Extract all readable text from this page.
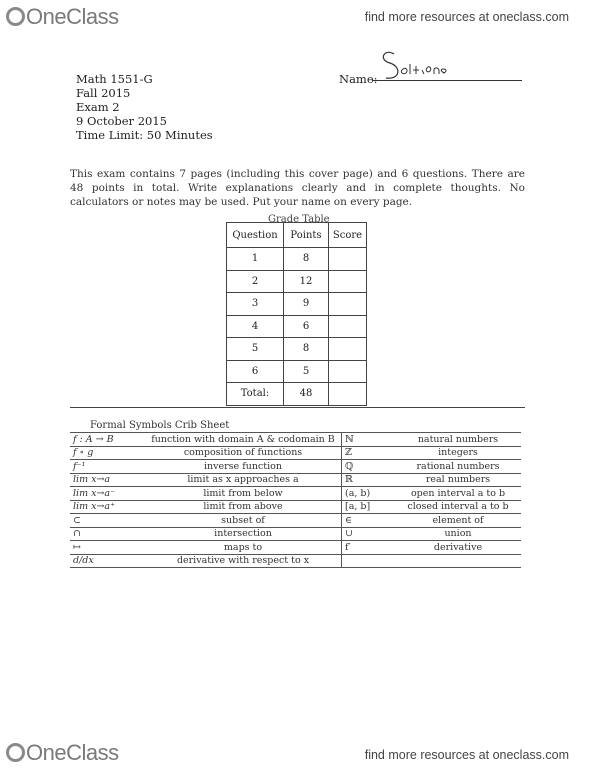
OneClass	find more resources at oneclass.com
Math 1551-G
Fall 2015
Exam 2
9 October 2015
Time Limit: 50 Minutes
Name:

This exam contains 7 pages (including this cover page) and 6 questions. There are 48 points in total. Write explanations clearly and in complete thoughts. No calculators or notes may be used. Put your name on every page.

Grade Table
Question	Points	Score
1	8	
2	12	
3	9	
4	6	
5	8	
6	5	
Total:	48	
Formal Symbols Crib Sheet
f : A → B	function with domain A & codomain B	ℕ	natural numbers
f ∘ g	composition of functions	ℤ	integers
f⁻¹	inverse function	ℚ	rational numbers
lim x→a	limit as x approaches a	ℝ	real numbers
lim x→a⁻	limit from below	(a, b)	open interval a to b
lim x→a⁺	limit from above	[a, b]	closed interval a to b
⊂	subset of	∈	element of
∩	intersection	∪	union
↦	maps to	f′	derivative
d/dx	derivative with respect to x		
OneClass	find more resources at oneclass.com
